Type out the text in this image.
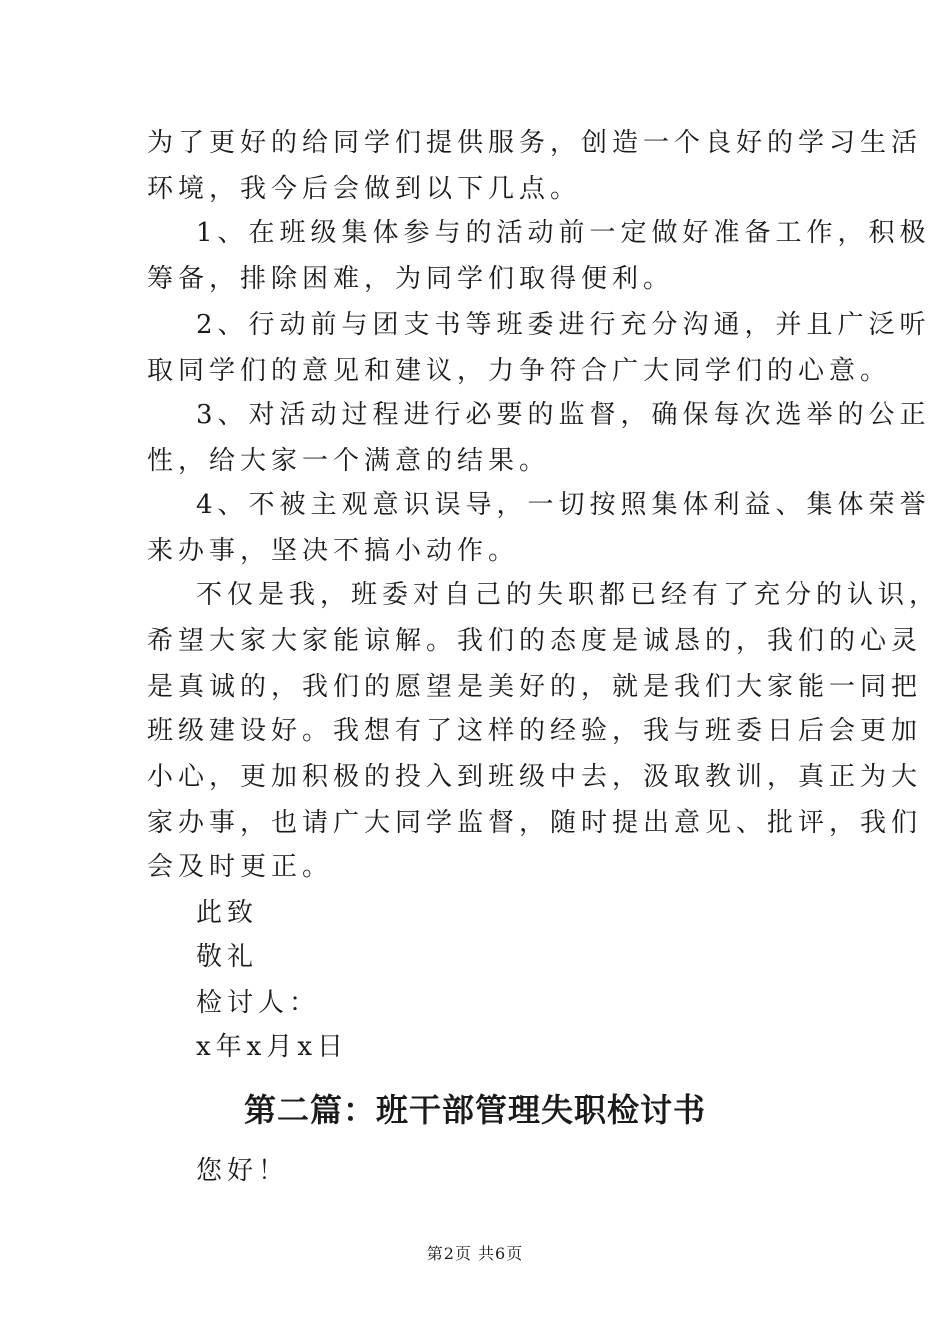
为了更好的给同学们提供服务，创造一个良好的学习生活
环境，我今后会做到以下几点。
1、在班级集体参与的活动前一定做好准备工作，积极
筹备，排除困难，为同学们取得便利。
2、行动前与团支书等班委进行充分沟通，并且广泛听
取同学们的意见和建议，力争符合广大同学们的心意。
3、对活动过程进行必要的监督，确保每次选举的公正
性，给大家一个满意的结果。
4、不被主观意识误导，一切按照集体利益、集体荣誉
来办事，坚决不搞小动作。
不仅是我，班委对自己的失职都已经有了充分的认识，
希望大家大家能谅解。我们的态度是诚恳的，我们的心灵
是真诚的，我们的愿望是美好的，就是我们大家能一同把
班级建设好。我想有了这样的经验，我与班委日后会更加
小心，更加积极的投入到班级中去，汲取教训，真正为大
家办事，也请广大同学监督，随时提出意见、批评，我们
会及时更正。
此致
敬礼
检讨人：
x年x月x日
第二篇：班干部管理失职检讨书
您好！
第2页 共6页
